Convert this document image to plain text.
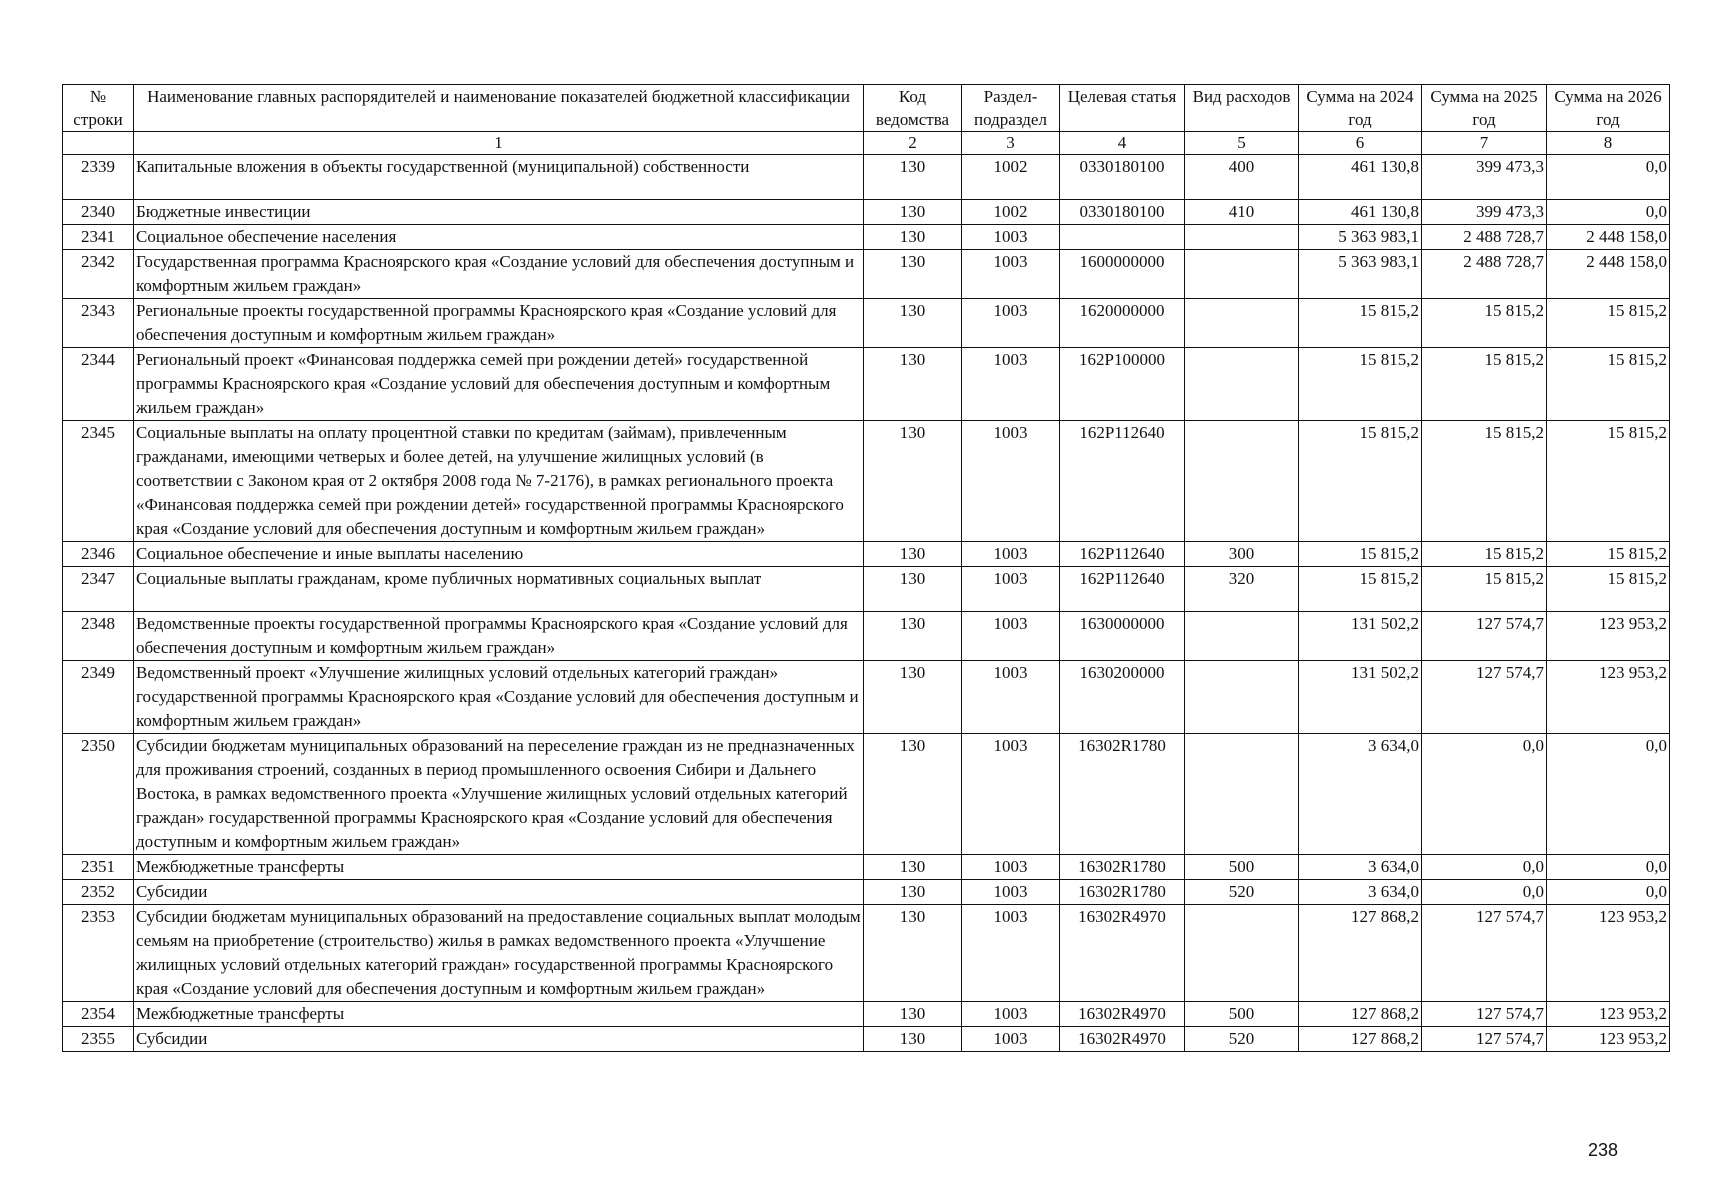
№ строки	Наименование главных распорядителей и наименование показателей бюджетной классификации	Код ведомства	Раздел-подраздел	Целевая статья	Вид расходов	Сумма на 2024 год	Сумма на 2025 год	Сумма на 2026 год
	1	2	3	4	5	6	7	8
2339	Капитальные вложения в объекты государственной (муниципальной) собственности	130	1002	0330180100	400	461 130,8	399 473,3	0,0
2340	Бюджетные инвестиции	130	1002	0330180100	410	461 130,8	399 473,3	0,0
2341	Социальное обеспечение населения	130	1003			5 363 983,1	2 488 728,7	2 448 158,0
2342	Государственная программа Красноярского края «Создание условий для обеспечения доступным и комфортным жильем граждан»	130	1003	1600000000		5 363 983,1	2 488 728,7	2 448 158,0
2343	Региональные проекты государственной программы Красноярского края «Создание условий для обеспечения доступным и комфортным жильем граждан»	130	1003	1620000000		15 815,2	15 815,2	15 815,2
2344	Региональный проект «Финансовая поддержка семей при рождении детей» государственной программы Красноярского края «Создание условий для обеспечения доступным и комфортным жильем граждан»	130	1003	162P100000		15 815,2	15 815,2	15 815,2
2345	Социальные выплаты на оплату процентной ставки по кредитам (займам), привлеченным гражданами, имеющими четверых и более детей, на улучшение жилищных условий (в соответствии с Законом края от 2 октября 2008 года № 7-2176), в рамках регионального проекта «Финансовая поддержка семей при рождении детей» государственной программы Красноярского края «Создание условий для обеспечения доступным и комфортным жильем граждан»	130	1003	162P112640		15 815,2	15 815,2	15 815,2
2346	Социальное обеспечение и иные выплаты населению	130	1003	162P112640	300	15 815,2	15 815,2	15 815,2
2347	Социальные выплаты гражданам, кроме публичных нормативных социальных выплат	130	1003	162P112640	320	15 815,2	15 815,2	15 815,2
2348	Ведомственные проекты государственной программы Красноярского края «Создание условий для обеспечения доступным и комфортным жильем граждан»	130	1003	1630000000		131 502,2	127 574,7	123 953,2
2349	Ведомственный проект «Улучшение жилищных условий отдельных категорий граждан» государственной программы Красноярского края «Создание условий для обеспечения доступным и комфортным жильем граждан»	130	1003	1630200000		131 502,2	127 574,7	123 953,2
2350	Субсидии бюджетам муниципальных образований на переселение граждан из не предназначенных для проживания строений, созданных в период промышленного освоения Сибири и Дальнего Востока, в рамках ведомственного проекта «Улучшение жилищных условий отдельных категорий граждан» государственной программы Красноярского края «Создание условий для обеспечения доступным и комфортным жильем граждан»	130	1003	16302R1780		3 634,0	0,0	0,0
2351	Межбюджетные трансферты	130	1003	16302R1780	500	3 634,0	0,0	0,0
2352	Субсидии	130	1003	16302R1780	520	3 634,0	0,0	0,0
2353	Субсидии бюджетам муниципальных образований на предоставление социальных выплат молодым семьям на приобретение (строительство) жилья в рамках ведомственного проекта «Улучшение жилищных условий отдельных категорий граждан» государственной программы Красноярского края «Создание условий для обеспечения доступным и комфортным жильем граждан»	130	1003	16302R4970		127 868,2	127 574,7	123 953,2
2354	Межбюджетные трансферты	130	1003	16302R4970	500	127 868,2	127 574,7	123 953,2
2355	Субсидии	130	1003	16302R4970	520	127 868,2	127 574,7	123 953,2
238
